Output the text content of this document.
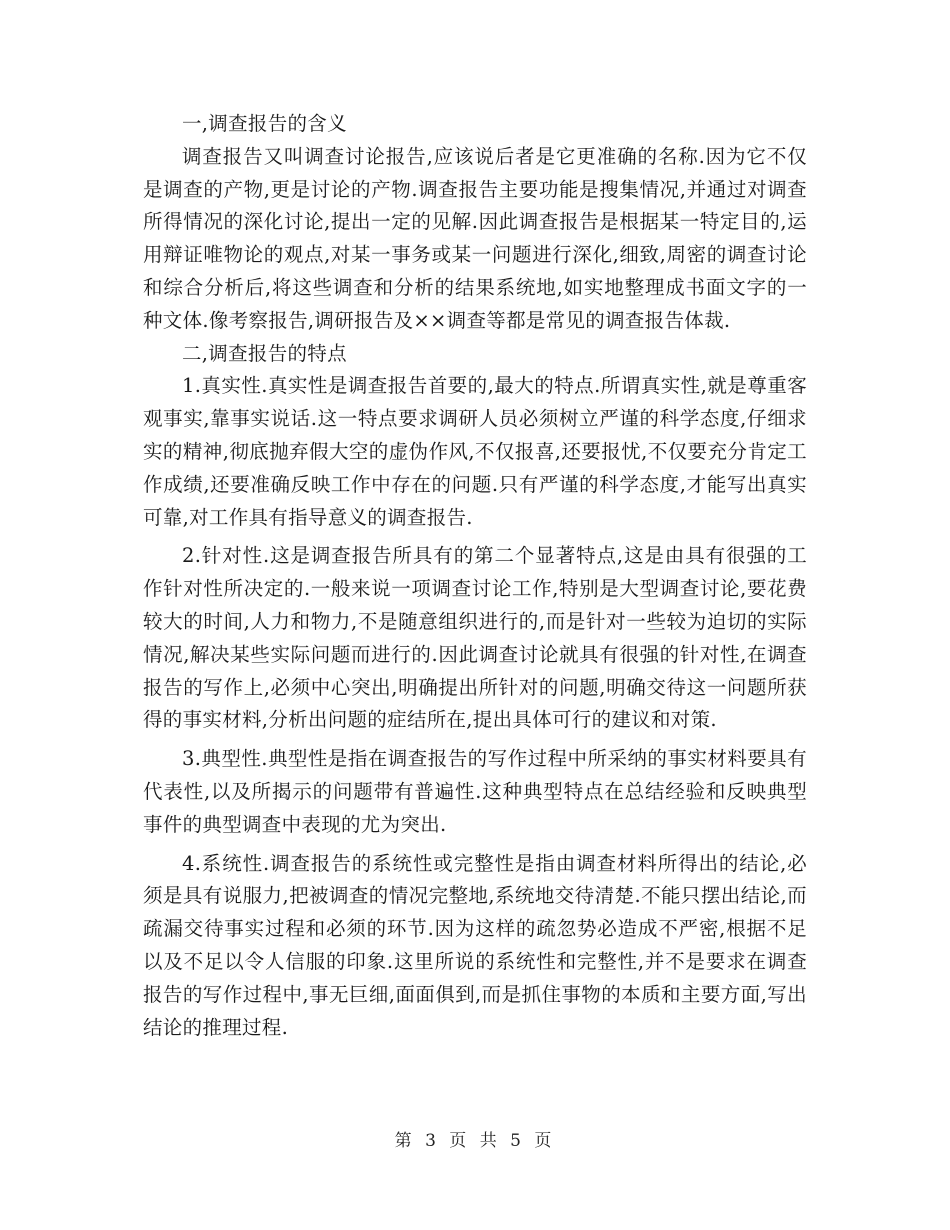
一,调查报告的含义

调查报告又叫调查讨论报告,应该说后者是它更准确的名称.因为它不仅是调查的产物,更是讨论的产物.调查报告主要功能是搜集情况,并通过对调查所得情况的深化讨论,提出一定的见解.因此调查报告是根据某一特定目的,运用辩证唯物论的观点,对某一事务或某一问题进行深化,细致,周密的调查讨论和综合分析后,将这些调查和分析的结果系统地,如实地整理成书面文字的一种文体.像考察报告,调研报告及××调查等都是常见的调查报告体裁.

二,调查报告的特点

1.真实性.真实性是调查报告首要的,最大的特点.所谓真实性,就是尊重客观事实,靠事实说话.这一特点要求调研人员必须树立严谨的科学态度,仔细求实的精神,彻底抛弃假大空的虚伪作风,不仅报喜,还要报忧,不仅要充分肯定工作成绩,还要准确反映工作中存在的问题.只有严谨的科学态度,才能写出真实可靠,对工作具有指导意义的调查报告.

2.针对性.这是调查报告所具有的第二个显著特点,这是由具有很强的工作针对性所决定的.一般来说一项调查讨论工作,特别是大型调查讨论,要花费较大的时间,人力和物力,不是随意组织进行的,而是针对一些较为迫切的实际情况,解决某些实际问题而进行的.因此调查讨论就具有很强的针对性,在调查报告的写作上,必须中心突出,明确提出所针对的问题,明确交待这一问题所获得的事实材料,分析出问题的症结所在,提出具体可行的建议和对策.

3.典型性.典型性是指在调查报告的写作过程中所采纳的事实材料要具有代表性,以及所揭示的问题带有普遍性.这种典型特点在总结经验和反映典型事件的典型调查中表现的尤为突出.

4.系统性.调查报告的系统性或完整性是指由调查材料所得出的结论,必须是具有说服力,把被调查的情况完整地,系统地交待清楚.不能只摆出结论,而疏漏交待事实过程和必须的环节.因为这样的疏忽势必造成不严密,根据不足以及不足以令人信服的印象.这里所说的系统性和完整性,并不是要求在调查报告的写作过程中,事无巨细,面面俱到,而是抓住事物的本质和主要方面,写出结论的推理过程.

第 3 页 共 5 页
